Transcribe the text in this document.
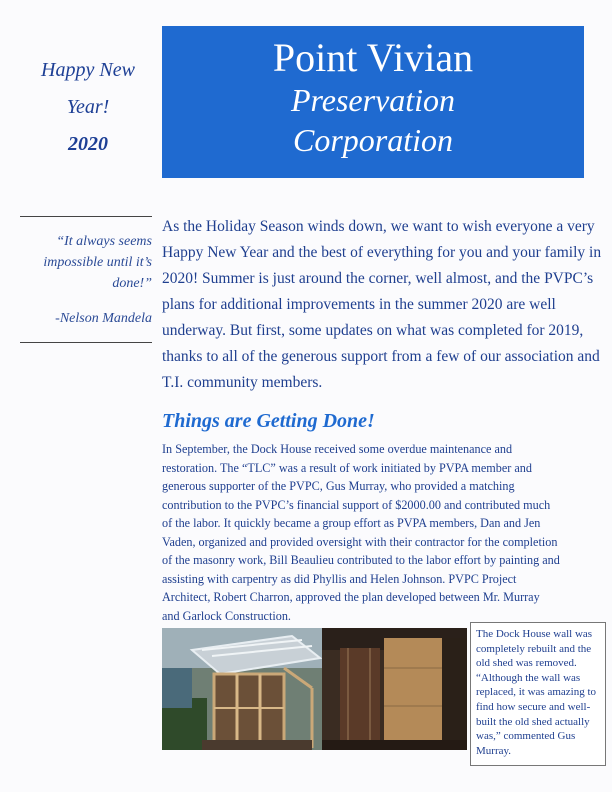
Happy New
Year!
2020
Point Vivian
Preservation
Corporation
“It always seems
impossible until it’s
done!”
-Nelson Mandela
As the Holiday Season winds down, we want to wish everyone a very
Happy New Year and the best of everything for you and your family in
2020! Summer is just around the corner, well almost, and the PVPC’s
plans for additional improvements in the summer 2020 are well
underway. But first, some updates on what was completed for 2019,
thanks to all of the generous support from a few of our association and
T.I. community members.
Things are Getting Done!
In September, the Dock House received some overdue maintenance and
restoration. The “TLC” was a result of work initiated by PVPA member and
generous supporter of the PVPC, Gus Murray, who provided a matching
contribution to the PVPC’s financial support of $2000.00 and contributed much
of the labor. It quickly became a group effort as PVPA members, Dan and Jen
Vaden, organized and provided oversight with their contractor for the completion
of the masonry work, Bill Beaulieu contributed to the labor effort by painting and
assisting with carpentry as did Phyllis and Helen Johnson. PVPC Project
Architect, Robert Charron, approved the plan developed between Mr. Murray
and Garlock Construction.
The Dock House wall was
completely rebuilt and the
old shed was removed.
“Although the wall was
replaced, it was amazing to
find how secure and well-
built the old shed actually
was,” commented Gus
Murray.
